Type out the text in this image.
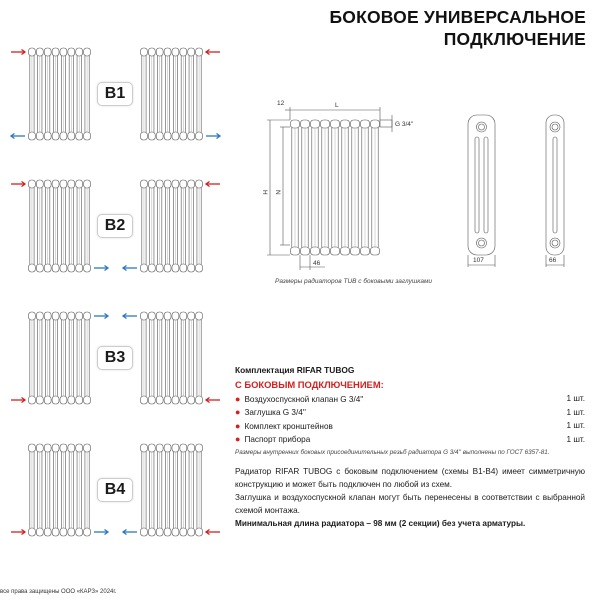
БОКОВОЕ УНИВЕРСАЛЬНОЕ
ПОДКЛЮЧЕНИЕ
B1
B2
B3
B4
12	L
G 3/4''
H N
46	107	66
Размеры радиаторов TUB с боковыми заглушками
Комплектация RIFAR TUBOG
С БОКОВЫМ ПОДКЛЮЧЕНИЕМ:
● Воздухоспускной клапан G 3/4''	1 шт.
● Заглушка G 3/4''	1 шт.
● Комплект кронштейнов	1 шт.
● Паспорт прибора	1 шт.
Размеры внутренних боковых присоединительных резьб радиатора G 3/4'' выполнены по ГОСТ 6357-81.

Радиатор RIFAR TUBOG с боковым подключением (схемы B1-B4) имеет симметричную конструкцию и может быть подключен по любой из схем.

Заглушка и воздухоспускной клапан могут быть перенесены в соответствии с выбранной схемой монтажа.

Минимальная длина радиатора – 98 мм (2 секции) без учета арматуры.

все права защищены ООО «КАРЗ» 2024г.
